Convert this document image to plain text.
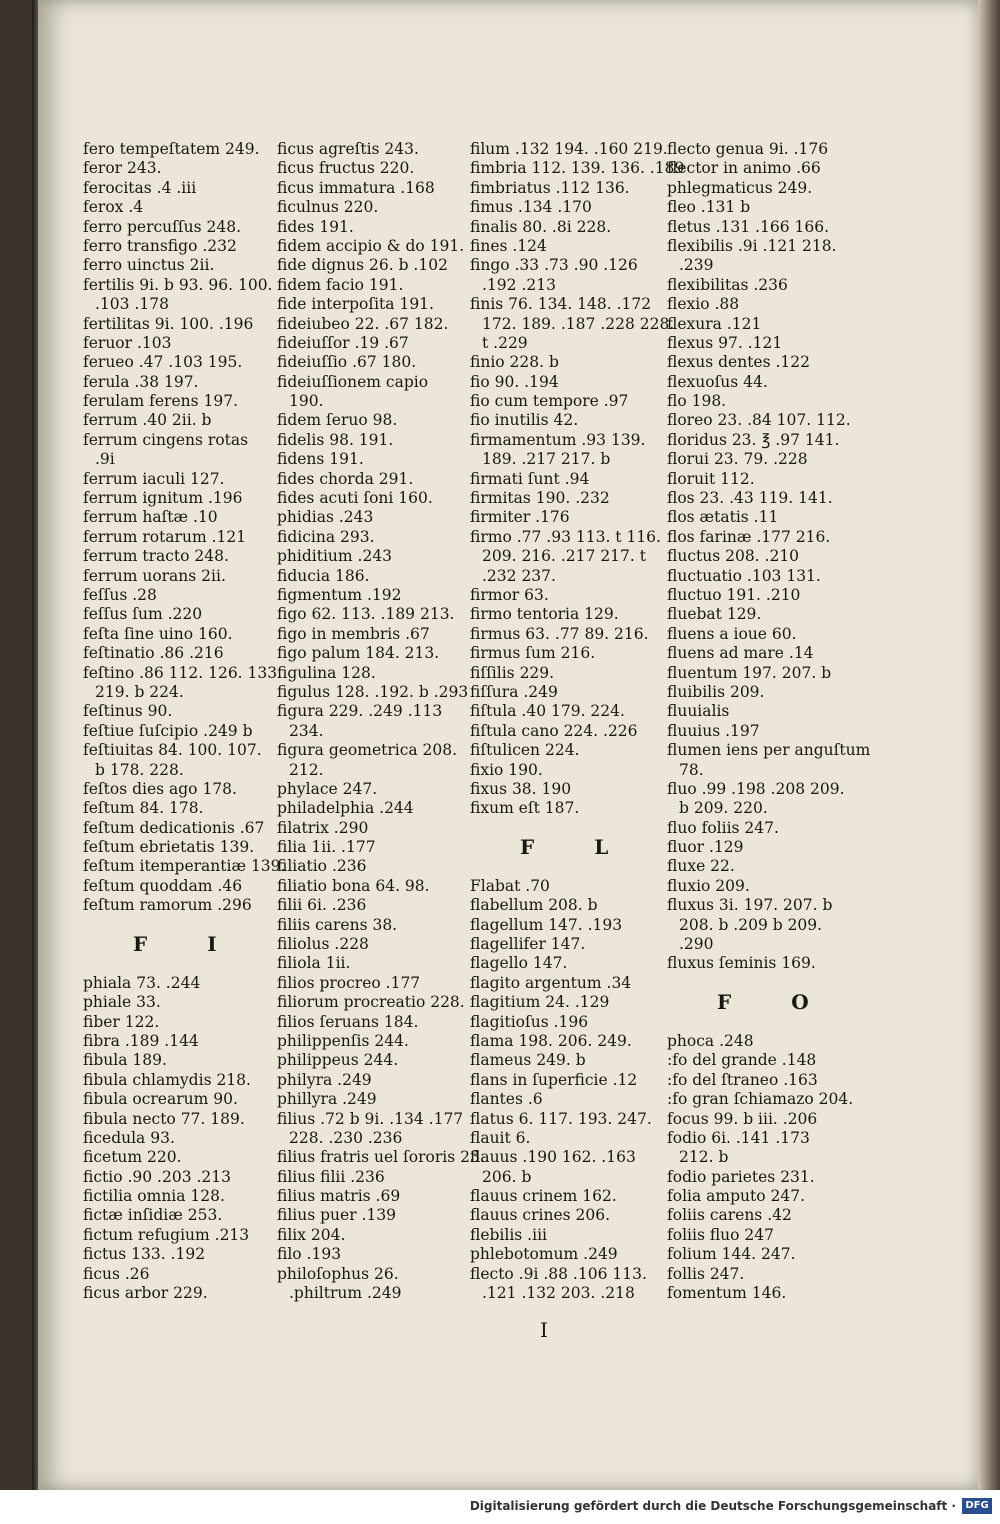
fero tempeſtatem 249.
feror 243.
ferocitas .4 .iii
ferox .4
ferro percuſſus 248.
ferro transfigo .232
ferro uinctus 2ii.
fertilis 9i. b 93. 96. 100.
.103 .178
fertilitas 9i. 100. .196
feruor .103
ferueo .47 .103 195.
ferula .38 197.
ferulam ferens 197.
ferrum .40 2ii. b
ferrum cingens rotas
.9i
ferrum iaculi 127.
ferrum ignitum .196
ferrum haſtæ .10
ferrum rotarum .121
ferrum tracto 248.
ferrum uorans 2ii.
feſſus .28
feſſus ſum .220
feſta ſine uino 160.
feſtinatio .86 .216
feſtino .86 112. 126. 133.
219. b 224.
feſtinus 90.
feſtiue ſuſcipio .249 b
feſtiuitas 84. 100. 107.
b 178. 228.
feſtos dies ago 178.
feſtum 84. 178.
feſtum dedicationis .67
feſtum ebrietatis 139.
feſtum itemperantiæ 139.
feſtum quoddam .46
feſtum ramorum .296
F	I
phiala 73. .244
phiale 33.
fiber 122.
fibra .189 .144
fibula 189.
fibula chlamydis 218.
fibula ocrearum 90.
fibula necto 77. 189.
ficedula 93.
ficetum 220.
fictio .90 .203 .213
fictilia omnia 128.
fictæ inſidiæ 253.
fictum refugium .213
fictus 133. .192
ficus .26
ficus arbor 229.
ficus agreſtis 243.
ficus fructus 220.
ficus immatura .168
ficulnus 220.
fides 191.
fidem accipio & do 191.
fide dignus 26. b .102
fidem facio 191.
fide interpoſita 191.
fideiubeo 22. .67 182.
fideiuſſor .19 .67
fideiuſſio .67 180.
fideiuſſionem capio
190.
fidem ſeruo 98.
fidelis 98. 191.
fidens 191.
fides chorda 291.
fides acuti ſoni 160.
phidias .243
fidicina 293.
phiditium .243
fiducia 186.
figmentum .192
figo 62. 113. .189 213.
figo in membris .67
figo palum 184. 213.
figulina 128.
figulus 128. .192. b .293
figura 229. .249 .113
234.
figura geometrica 208.
212.
phylace 247.
philadelphia .244
filatrix .290
filia 1ii. .177
filiatio .236
filiatio bona 64. 98.
filii 6i. .236
filiis carens 38.
filiolus .228
filiola 1ii.
filios procreo .177
filiorum procreatio 228.
filios ſeruans 184.
philippenſis 244.
philippeus 244.
philyra .249
phillyra .249
filius .72 b 9i. .134 .177
228. .230 .236
filius fratris uel ſororis 23.
filius filii .236
filius matris .69
filius puer .139
filix 204.
filo .193
philoſophus 26.
.philtrum .249
filum .132 194. .160 219.
fimbria 112. 139. 136. .189
fimbriatus .112 136.
fimus .134 .170
finalis 80. .8i 228.
fines .124
fingo .33 .73 .90 .126
.192 .213
finis 76. 134. 148. .172
172. 189. .187 .228 228.
t .229
finio 228. b
fio 90. .194
fio cum tempore .97
fio inutilis 42.
firmamentum .93 139.
189. .217 217. b
firmati ſunt .94
firmitas 190. .232
firmiter .176
firmo .77 .93 113. t 116.
209. 216. .217 217. t
.232 237.
firmor 63.
firmo tentoria 129.
firmus 63. .77 89. 216.
firmus ſum 216.
fiſſilis 229.
fiſſura .249
fiſtula .40 179. 224.
fiſtula cano 224. .226
fiſtulicen 224.
fixio 190.
fixus 38. 190
fixum eſt 187.
F	L
Flabat .70
flabellum 208. b
flagellum 147. .193
flagellifer 147.
flagello 147.
flagito argentum .34
flagitium 24. .129
flagitioſus .196
flama 198. 206. 249.
flameus 249. b
flans in ſuperficie .12
flantes .6
flatus 6. 117. 193. 247.
flauit 6.
flauus .190 162. .163
206. b
flauus crinem 162.
flauus crines 206.
flebilis .iii
phlebotomum .249
flecto .9i .88 .106 113.
.121 .132 203. .218
flecto genua 9i. .176
flector in animo .66
phlegmaticus 249.
fleo .131 b
fletus .131 .166 166.
flexibilis .9i .121 218.
.239
flexibilitas .236
flexio .88
flexura .121
flexus 97. .121
flexus dentes .122
flexuoſus 44.
flo 198.
floreo 23. .84 107. 112.
floridus 23. ℥ .97 141.
florui 23. 79. .228
floruit 112.
flos 23. .43 119. 141.
flos ætatis .11
flos farinæ .177 216.
fluctus 208. .210
fluctuatio .103 131.
fluctuo 191. .210
fluebat 129.
fluens a ioue 60.
fluens ad mare .14
fluentum 197. 207. b
fluibilis 209.
fluuialis
fluuius .197
flumen iens per anguſtum
78.
fluo .99 .198 .208 209.
b 209. 220.
fluo foliis 247.
fluor .129
fluxe 22.
fluxio 209.
fluxus 3i. 197. 207. b
208. b .209 b 209.
.290
fluxus ſeminis 169.
F	O
phoca .248
:fo del grande .148
:fo del ſtraneo .163
:fo gran ſchiamazo 204.
focus 99. b iii. .206
fodio 6i. .141 .173
212. b
fodio parietes 231.
folia amputo 247.
foliis carens .42
foliis fluo 247
folium 144. 247.
follis 247.
fomentum 146.
I
Digitalisierung gefördert durch die Deutsche Forschungsgemeinschaft · DFG
